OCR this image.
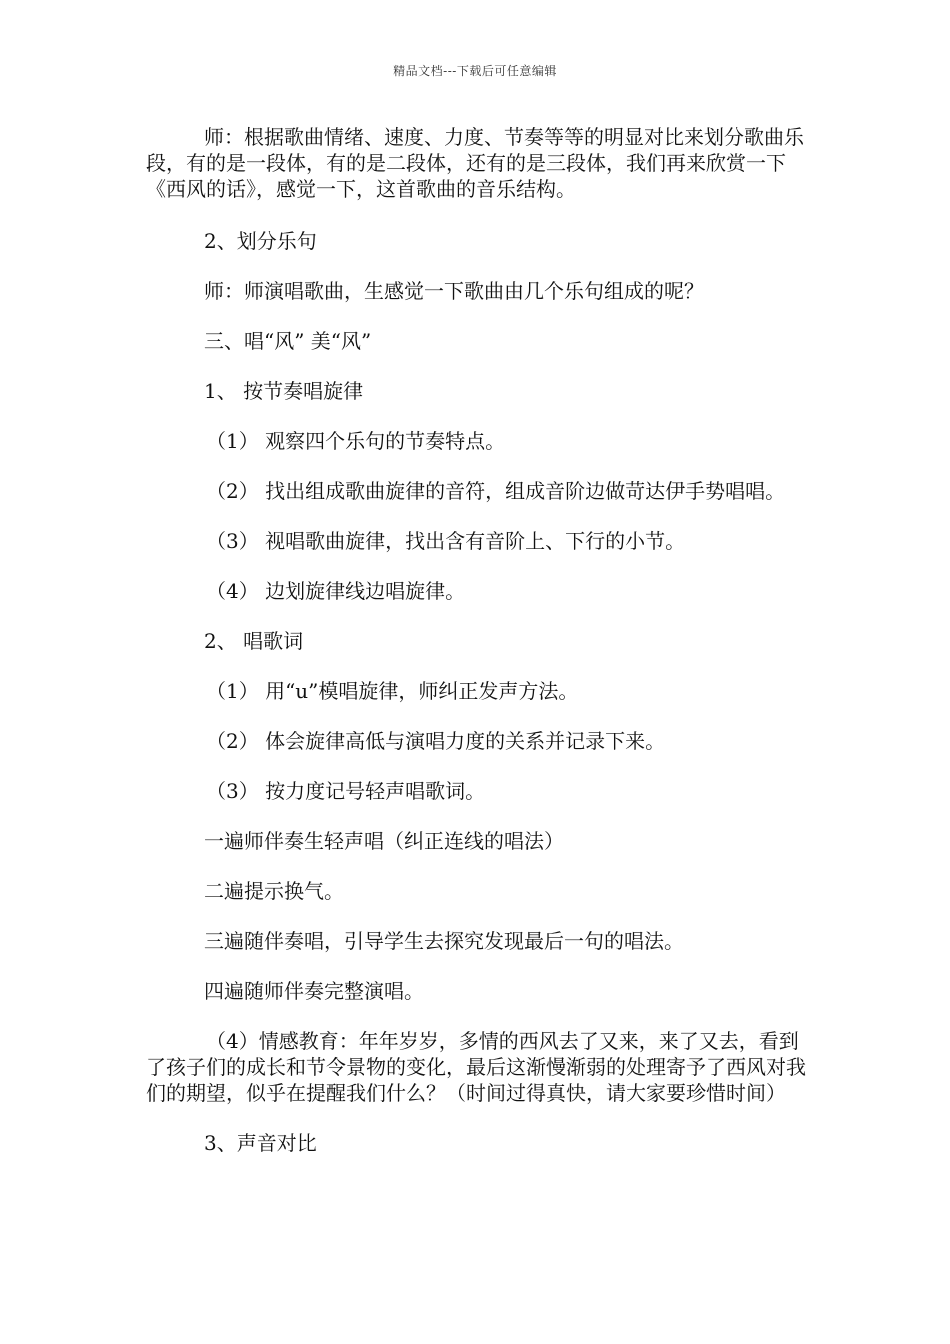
精品文档---下载后可任意编辑

师：根据歌曲情绪、速度、力度、节奏等等的明显对比来划分歌曲乐段，有的是一段体，有的是二段体，还有的是三段体，我们再来欣赏一下《西风的话》，感觉一下，这首歌曲的音乐结构。

2、划分乐句

师：师演唱歌曲，生感觉一下歌曲由几个乐句组成的呢？

三、唱“风” 美“风”

1、 按节奏唱旋律

（1） 观察四个乐句的节奏特点。

（2） 找出组成歌曲旋律的音符，组成音阶边做苛达伊手势唱唱。

（3） 视唱歌曲旋律，找出含有音阶上、下行的小节。

（4） 边划旋律线边唱旋律。

2、 唱歌词

（1） 用“u”模唱旋律，师纠正发声方法。

（2） 体会旋律高低与演唱力度的关系并记录下来。

（3） 按力度记号轻声唱歌词。

一遍师伴奏生轻声唱（纠正连线的唱法）

二遍提示换气。

三遍随伴奏唱，引导学生去探究发现最后一句的唱法。

四遍随师伴奏完整演唱。

（4）情感教育：年年岁岁，多情的西风去了又来，来了又去，看到了孩子们的成长和节令景物的变化，最后这渐慢渐弱的处理寄予了西风对我们的期望，似乎在提醒我们什么？（时间过得真快，请大家要珍惜时间）

3、声音对比
